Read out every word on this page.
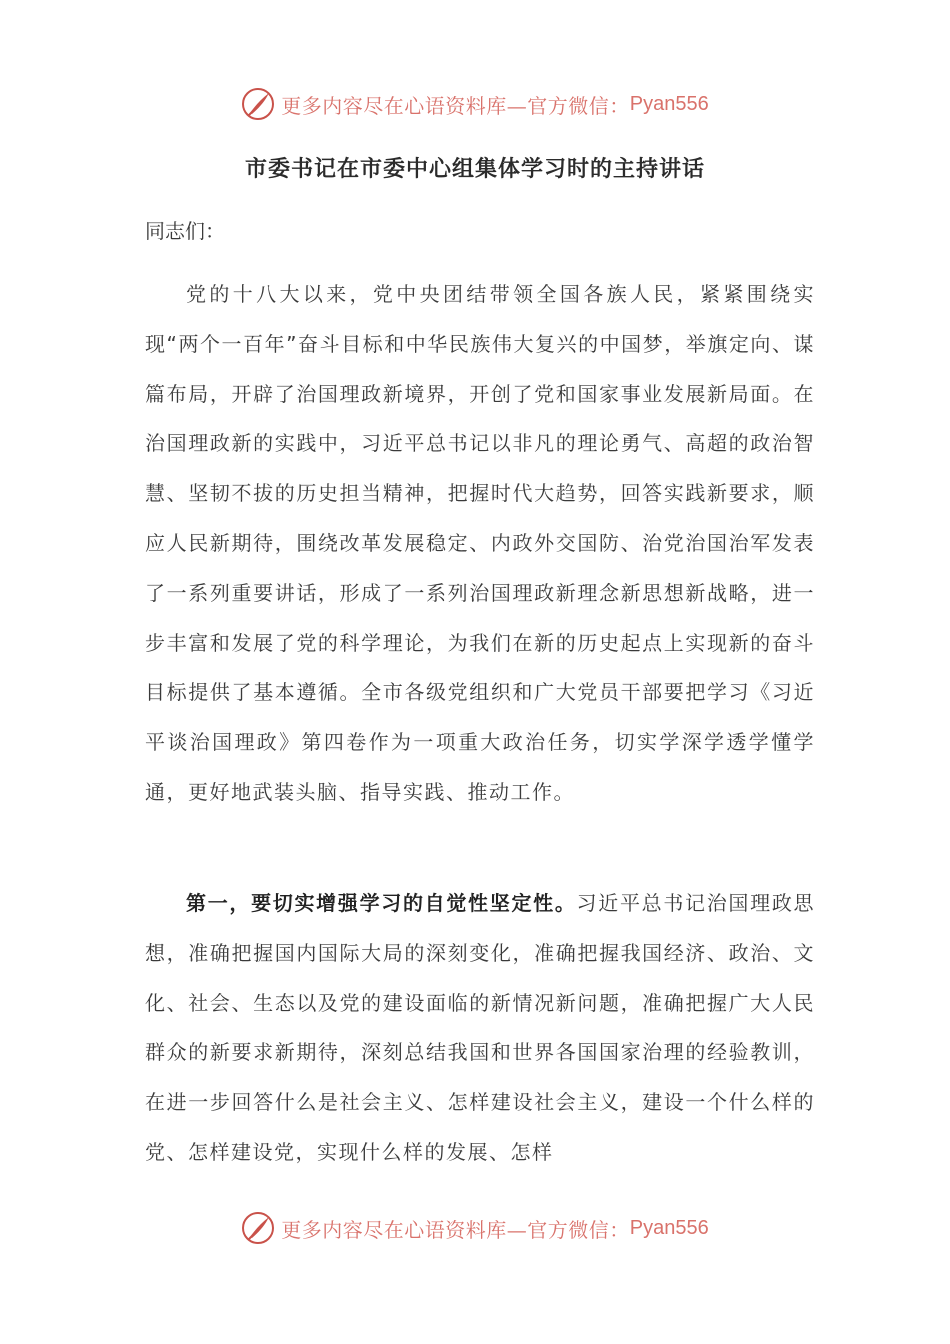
更多内容尽在心语资料库—官方微信： Pyan556
市委书记在市委中心组集体学习时的主持讲话
同志们：

党的十八大以来，党中央团结带领全国各族人民，紧紧围绕实现“两个一百年”奋斗目标和中华民族伟大复兴的中国梦，举旗定向、谋篇布局，开辟了治国理政新境界，开创了党和国家事业发展新局面。在治国理政新的实践中，习近平总书记以非凡的理论勇气、高超的政治智慧、坚韧不拔的历史担当精神，把握时代大趋势，回答实践新要求，顺应人民新期待，围绕改革发展稳定、内政外交国防、治党治国治军发表了一系列重要讲话，形成了一系列治国理政新理念新思想新战略，进一步丰富和发展了党的科学理论，为我们在新的历史起点上实现新的奋斗目标提供了基本遵循。全市各级党组织和广大党员干部要把学习《习近平谈治国理政》第四卷作为一项重大政治任务，切实学深学透学懂学通，更好地武装头脑、指导实践、推动工作。

第一，要切实增强学习的自觉性坚定性。习近平总书记治国理政思想，准确把握国内国际大局的深刻变化，准确把握我国经济、政治、文化、社会、生态以及党的建设面临的新情况新问题，准确把握广大人民群众的新要求新期待，深刻总结我国和世界各国国家治理的经验教训，在进一步回答什么是社会主义、怎样建设社会主义，建设一个什么样的党、怎样建设党，实现什么样的发展、怎样

更多内容尽在心语资料库—官方微信： Pyan556
